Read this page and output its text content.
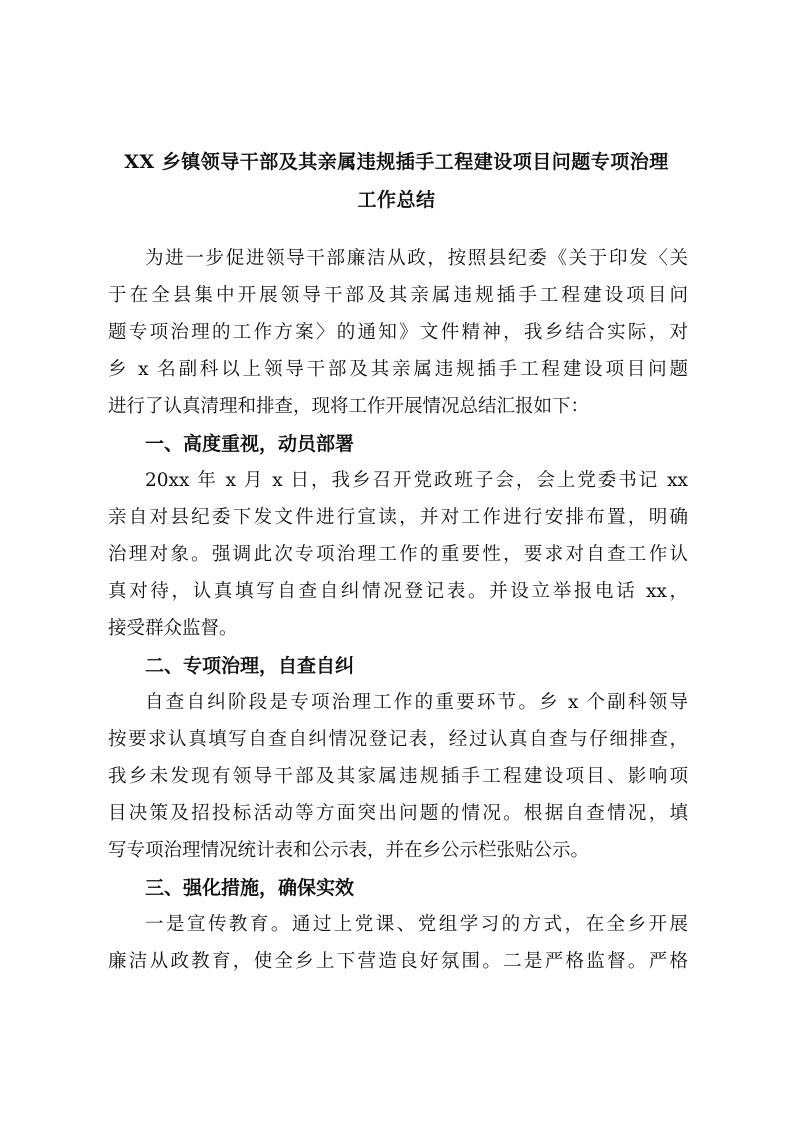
XX 乡镇领导干部及其亲属违规插手工程建设项目问题专项治理
工作总结
为进一步促进领导干部廉洁从政，按照县纪委《关于印发〈关
于在全县集中开展领导干部及其亲属违规插手工程建设项目问
题专项治理的工作方案〉的通知》文件精神，我乡结合实际，对
乡 x 名副科以上领导干部及其亲属违规插手工程建设项目问题
进行了认真清理和排查，现将工作开展情况总结汇报如下：
一、高度重视，动员部署
20xx 年 x 月 x 日，我乡召开党政班子会，会上党委书记 xx
亲自对县纪委下发文件进行宣读，并对工作进行安排布置，明确
治理对象。强调此次专项治理工作的重要性，要求对自查工作认
真对待，认真填写自查自纠情况登记表。并设立举报电话 xx，
接受群众监督。
二、专项治理，自查自纠
自查自纠阶段是专项治理工作的重要环节。乡 x 个副科领导
按要求认真填写自查自纠情况登记表，经过认真自查与仔细排查，
我乡未发现有领导干部及其家属违规插手工程建设项目、影响项
目决策及招投标活动等方面突出问题的情况。根据自查情况，填
写专项治理情况统计表和公示表，并在乡公示栏张贴公示。
三、强化措施，确保实效
一是宣传教育。通过上党课、党组学习的方式，在全乡开展
廉洁从政教育，使全乡上下营造良好氛围。二是严格监督。严格
